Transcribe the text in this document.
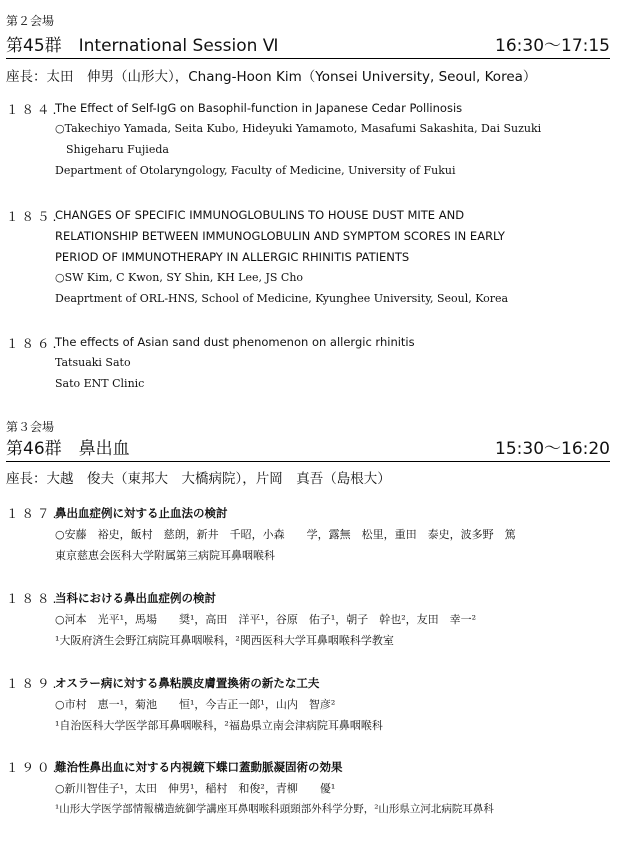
第２会場
第45群　International Session Ⅵ	16:30〜17:15
座長：太田　伸男（山形大），Chang-Hoon Kim（Yonsei University, Seoul, Korea）
１８４.
The Effect of Self-IgG on Basophil-function in Japanese Cedar Pollinosis
○Takechiyo Yamada, Seita Kubo, Hideyuki Yamamoto, Masafumi Sakashita, Dai Suzuki
Shigeharu Fujieda
Department of Otolaryngology, Faculty of Medicine, University of Fukui
１８５.
CHANGES OF SPECIFIC IMMUNOGLOBULINS TO HOUSE DUST MITE AND
RELATIONSHIP BETWEEN IMMUNOGLOBULIN AND SYMPTOM SCORES IN EARLY
PERIOD OF IMMUNOTHERAPY IN ALLERGIC RHINITIS PATIENTS
○SW Kim, C Kwon, SY Shin, KH Lee, JS Cho
Deaprtment of ORL-HNS, School of Medicine, Kyunghee University, Seoul, Korea
１８６.
The effects of Asian sand dust phenomenon on allergic rhinitis
Tatsuaki Sato
Sato ENT Clinic
第３会場
第46群　鼻出血	15:30〜16:20
座長：大越　俊夫（東邦大　大橋病院），片岡　真吾（島根大）
１８７.
鼻出血症例に対する止血法の検討
○安藤　裕史，飯村　慈朗，新井　千昭，小森　　学，露無　松里，重田　泰史，波多野　篤
東京慈恵会医科大学附属第三病院耳鼻咽喉科
１８８.
当科における鼻出血症例の検討
○河本　光平¹，馬場　　奨¹，高田　洋平¹，谷原　佑子¹，朝子　幹也²，友田　幸一²
¹大阪府済生会野江病院耳鼻咽喉科，²関西医科大学耳鼻咽喉科学教室
１８９.
オスラー病に対する鼻粘膜皮膚置換術の新たな工夫
○市村　恵一¹，菊池　　恒¹，今吉正一郎¹，山内　智彦²
¹自治医科大学医学部耳鼻咽喉科，²福島県立南会津病院耳鼻咽喉科
１９０.
難治性鼻出血に対する内視鏡下蝶口蓋動脈凝固術の効果
○新川智佳子¹，太田　伸男¹，稲村　和俊²，青柳　　優¹
¹山形大学医学部情報構造統御学講座耳鼻咽喉科頭頸部外科学分野，²山形県立河北病院耳鼻科
